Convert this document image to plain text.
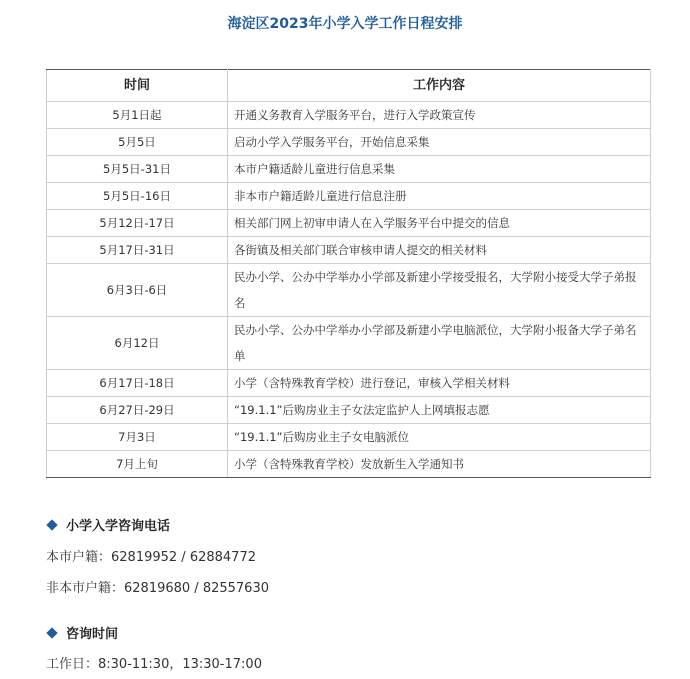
海淀区2023年小学入学工作日程安排
时间	工作内容
5月1日起	开通义务教育入学服务平台，进行入学政策宣传
5月5日	启动小学入学服务平台，开始信息采集
5月5日-31日	本市户籍适龄儿童进行信息采集
5月5日-16日	非本市户籍适龄儿童进行信息注册
5月12日-17日	相关部门网上初审申请人在入学服务平台中提交的信息
5月17日-31日	各街镇及相关部门联合审核申请人提交的相关材料
6月3日-6日	民办小学、公办中学举办小学部及新建小学接受报名，大学附小接受大学子弟报名
6月12日	民办小学、公办中学举办小学部及新建小学电脑派位，大学附小报备大学子弟名单
6月17日-18日	小学（含特殊教育学校）进行登记，审核入学相关材料
6月27日-29日	“19.1.1”后购房业主子女法定监护人上网填报志愿
7月3日	“19.1.1”后购房业主子女电脑派位
7月上旬	小学（含特殊教育学校）发放新生入学通知书
小学入学咨询电话
本市户籍：62819952 / 62884772
非本市户籍：62819680 / 82557630
咨询时间
工作日：8:30-11:30，13:30-17:00
